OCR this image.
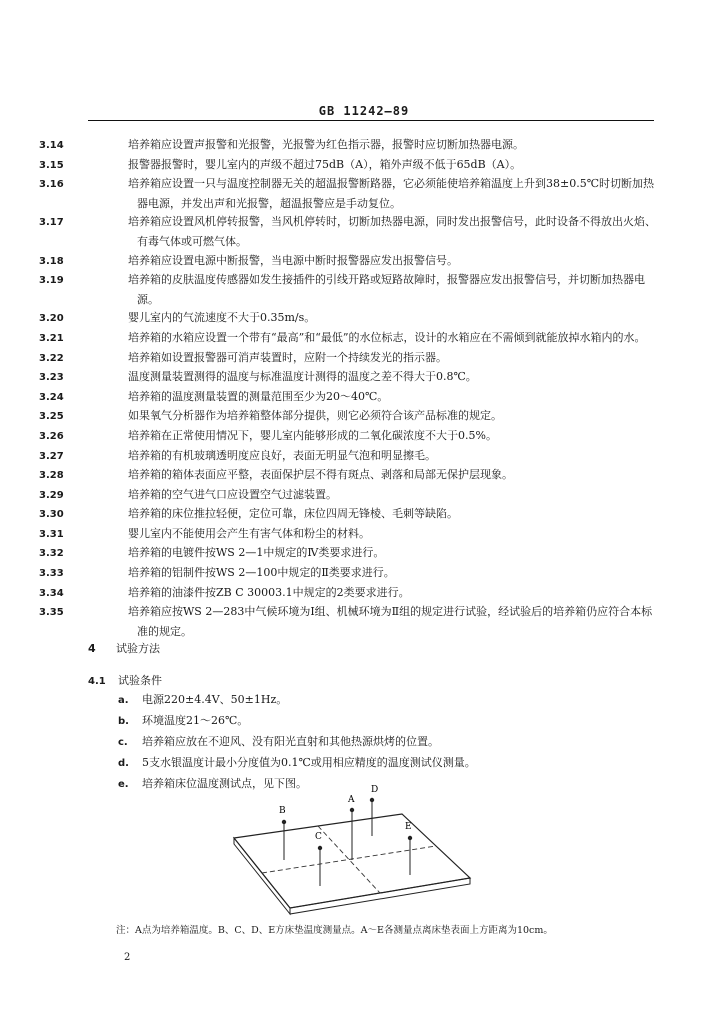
GB 11242—89
3.14	培养箱应设置声报警和光报警，光报警为红色指示器，报警时应切断加热器电源。
3.15	报警器报警时，婴儿室内的声级不超过75dB（A），箱外声级不低于65dB（A）。
3.16	培养箱应设置一只与温度控制器无关的超温报警断路器，它必须能使培养箱温度上升到38±0.5℃时切断加热器电源，并发出声和光报警，超温报警应是手动复位。
3.17	培养箱应设置风机停转报警，当风机停转时，切断加热器电源，同时发出报警信号，此时设备不得放出火焰、有毒气体或可燃气体。
3.18	培养箱应设置电源中断报警，当电源中断时报警器应发出报警信号。
3.19	培养箱的皮肤温度传感器如发生接插件的引线开路或短路故障时，报警器应发出报警信号，并切断加热器电源。
3.20	婴儿室内的气流速度不大于0.35m/s。
3.21	培养箱的水箱应设置一个带有“最高”和“最低”的水位标志，设计的水箱应在不需倾到就能放掉水箱内的水。
3.22	培养箱如设置报警器可消声装置时，应附一个持续发光的指示器。
3.23	温度测量装置测得的温度与标准温度计测得的温度之差不得大于0.8℃。
3.24	培养箱的温度测量装置的测量范围至少为20～40℃。
3.25	如果氧气分析器作为培养箱整体部分提供，则它必须符合该产品标准的规定。
3.26	培养箱在正常使用情况下，婴儿室内能够形成的二氧化碳浓度不大于0.5%。
3.27	培养箱的有机玻璃透明度应良好，表面无明显气泡和明显擦毛。
3.28	培养箱的箱体表面应平整，表面保护层不得有斑点、剥落和局部无保护层现象。
3.29	培养箱的空气进气口应设置空气过滤装置。
3.30	培养箱的床位推拉轻便，定位可靠，床位四周无锋棱、毛刺等缺陷。
3.31	婴儿室内不能使用会产生有害气体和粉尘的材料。
3.32	培养箱的电镀件按WS 2—1中规定的Ⅳ类要求进行。
3.33	培养箱的铝制件按WS 2—100中规定的Ⅱ类要求进行。
3.34	培养箱的油漆件按ZB C 30003.1中规定的2类要求进行。
3.35	培养箱应按WS 2—283中气候环境为Ⅰ组、机械环境为Ⅱ组的规定进行试验，经试验后的培养箱仍应符合本标准的规定。
4 试验方法
4.1 试验条件
a. 电源220±4.4V、50±1Hz。
b. 环境温度21～26℃。
c. 培养箱应放在不迎风、没有阳光直射和其他热源烘烤的位置。
d. 5支水银温度计最小分度值为0.1℃或用相应精度的温度测试仪测量。
e. 培养箱床位温度测试点，见下图。
A
B
C
D
E
注：A点为培养箱温度。B、C、D、E方床垫温度测量点。A～E各测量点离床垫表面上方距离为10cm。
2
